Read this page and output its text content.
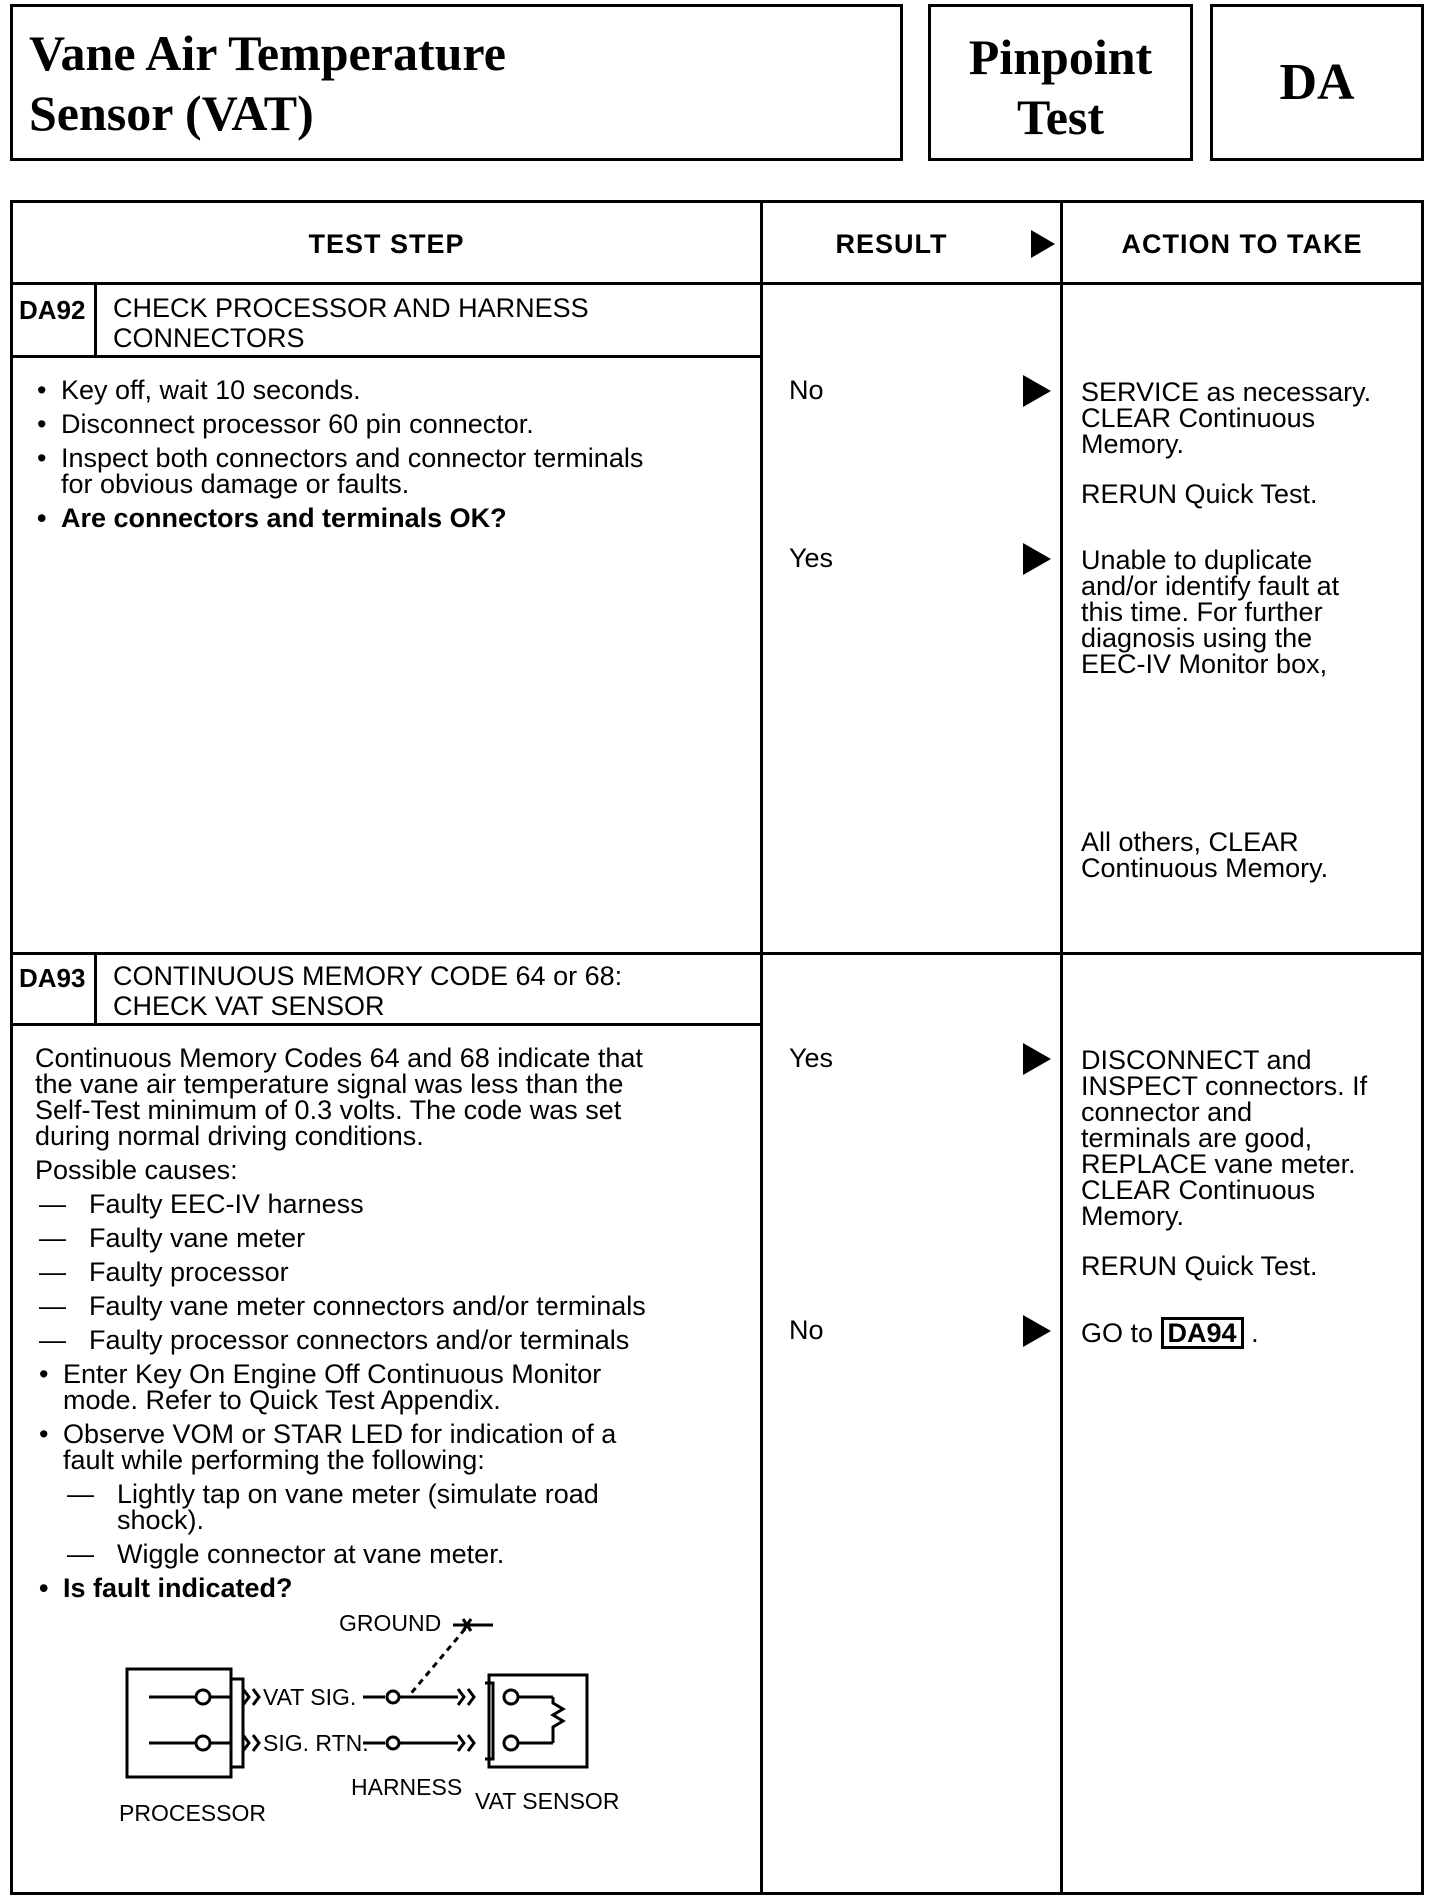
Vane Air Temperature
Sensor (VAT)
Pinpoint
Test
DA
TEST STEP	RESULT	ACTION TO TAKE
DA92 CHECK PROCESSOR AND HARNESS
CONNECTORS
• Key off, wait 10 seconds.
• Disconnect processor 60 pin connector.
• Inspect both connectors and connector terminals
for obvious damage or faults.
• Are connectors and terminals OK?
No
Yes
SERVICE as necessary.
CLEAR Continuous
Memory.
RERUN Quick Test.
Unable to duplicate
and/or identify fault at
this time. For further
diagnosis using the
EEC-IV Monitor box,
All others, CLEAR
Continuous Memory.
DA93 CONTINUOUS MEMORY CODE 64 or 68:
CHECK VAT SENSOR
Continuous Memory Codes 64 and 68 indicate that
the vane air temperature signal was less than the
Self-Test minimum of 0.3 volts. The code was set
during normal driving conditions.
Possible causes:
— Faulty EEC-IV harness
— Faulty vane meter
— Faulty processor
— Faulty vane meter connectors and/or terminals
— Faulty processor connectors and/or terminals
• Enter Key On Engine Off Continuous Monitor
mode. Refer to Quick Test Appendix.
• Observe VOM or STAR LED for indication of a
fault while performing the following:
— Lightly tap on vane meter (simulate road
shock).
— Wiggle connector at vane meter.
• Is fault indicated?
Yes
No
DISCONNECT and
INSPECT connectors. If
connector and
terminals are good,
REPLACE vane meter.
CLEAR Continuous
Memory.
RERUN Quick Test.
GO to DA94 .
GROUND
VAT SIG.
SIG. RTN.
PROCESSOR
HARNESS
VAT SENSOR
